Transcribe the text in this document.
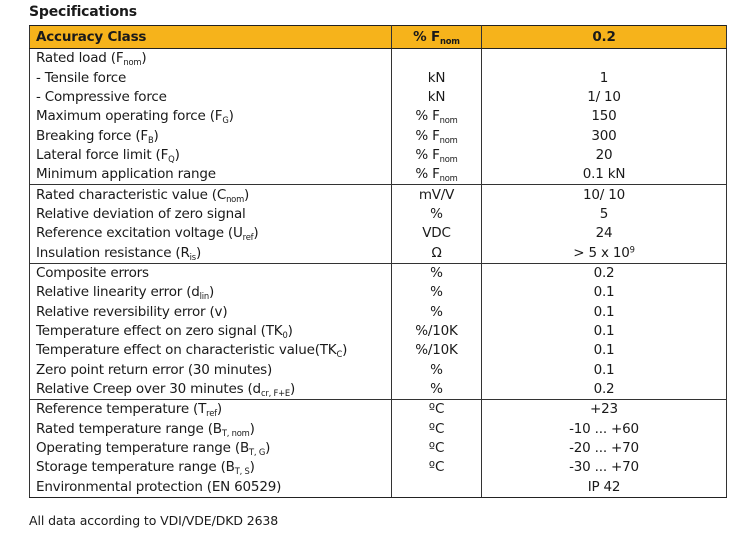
Specifications
Accuracy Class	% $F_{nom}$	0.2
Rated load $(F_{nom})$		
- Tensile force	kN	1
- Compressive force	kN	1/ 10
Maximum operating force $(F_G)$	% $F_{nom}$	150
Breaking force $(F_B)$	% $F_{nom}$	300
Lateral force limit $(F_Q)$	% $F_{nom}$	20
Minimum application range	% $F_{nom}$	0.1 kN
Rated characteristic value $(C_{nom})$	mV/V	10/ 10
Relative deviation of zero signal	%	5
Reference excitation voltage $(U_{ref})$	VDC	24
Insulation resistance $(R_{is})$	Ω	> 5 x $10^9$
Composite errors	%	0.2
Relative linearity error $(d_{lin})$	%	0.1
Relative reversibility error (v)	%	0.1
Temperature effect on zero signal $(TK_0)$	%/10K	0.1
Temperature effect on characteristic $value(TK_C)$	%/10K	0.1
Zero point return error (30 minutes)	%	0.1
Relative Creep over 30 minutes $(d_{cr, F+E})$	%	0.2
Reference temperature $(T_{ref})$	ºC	+23
Rated temperature range $(B_{T, nom})$	ºC	-10 ... +60
Operating temperature range $(B_{T, G})$	ºC	-20 ... +70
Storage temperature range $(B_{T, S})$	ºC	-30 ... +70
Environmental protection (EN 60529)		IP 42
All data according to VDI/VDE/DKD 2638
